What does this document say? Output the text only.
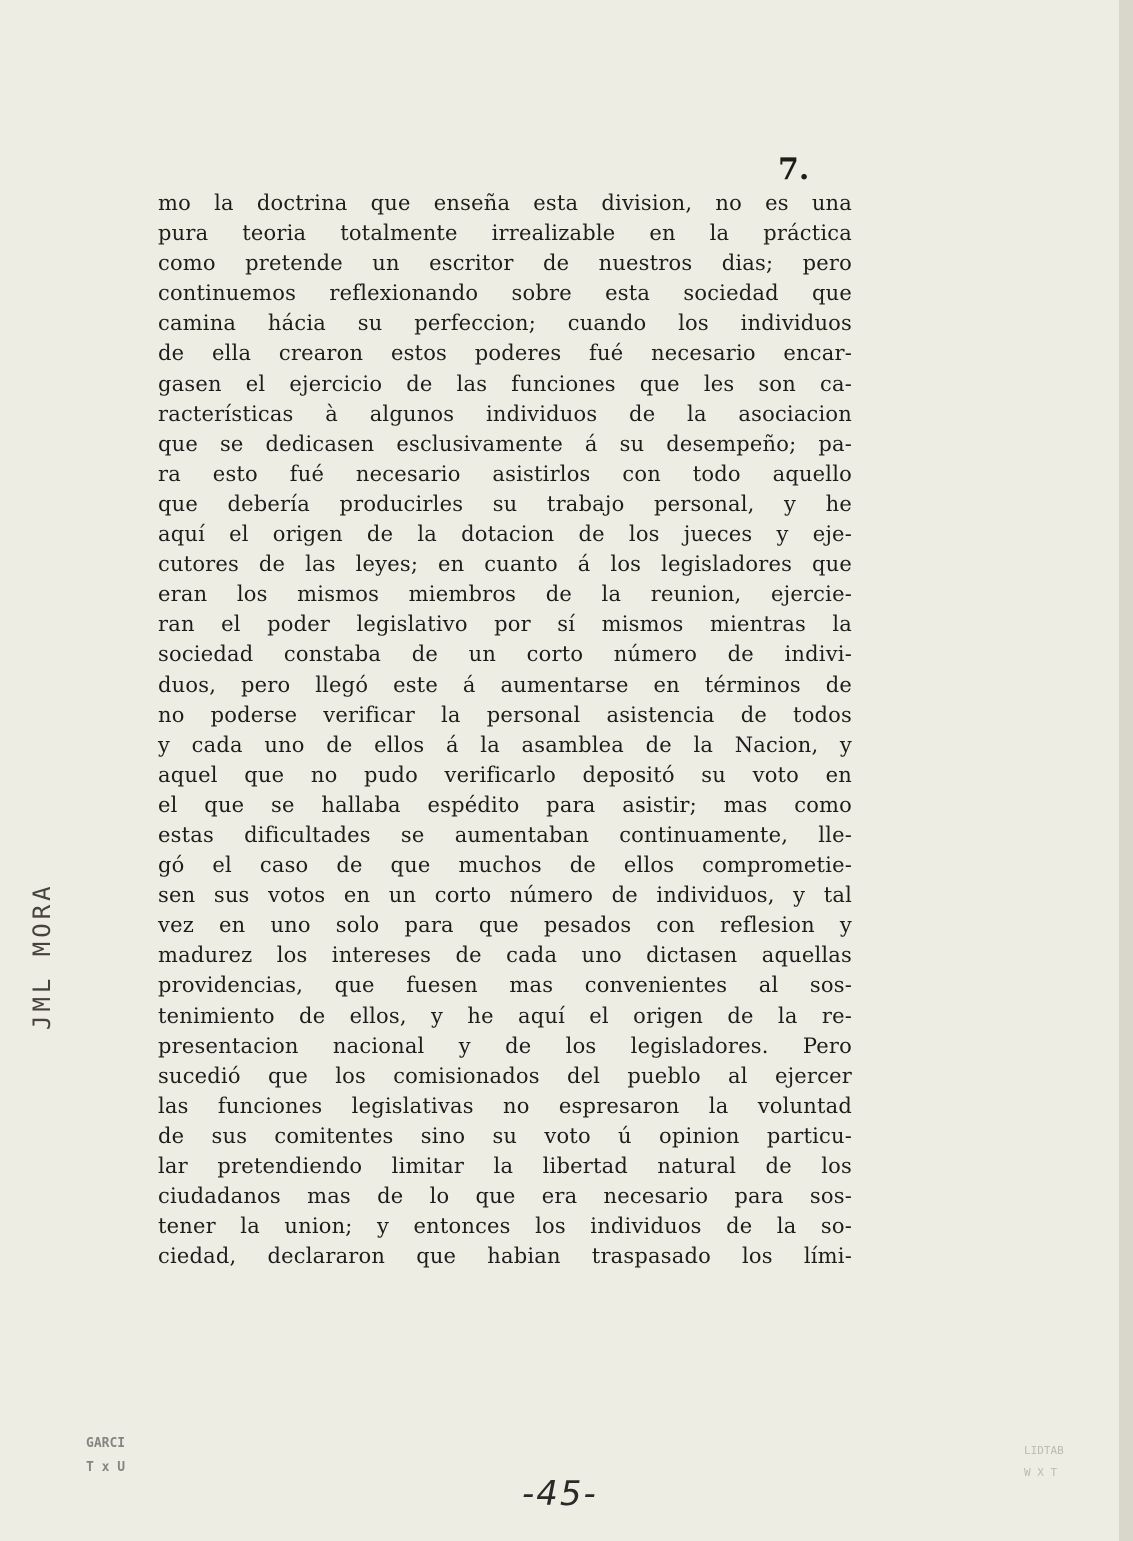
7.
mo la doctrina que enseña esta division, no es una
pura teoria totalmente irrealizable en la práctica
como pretende un escritor de nuestros dias; pero
continuemos reflexionando sobre esta sociedad que
camina hácia su perfeccion; cuando los individuos
de ella crearon estos poderes fué necesario encar-
gasen el ejercicio de las funciones que les son ca-
racterísticas à algunos individuos de la asociacion
que se dedicasen esclusivamente á su desempeño; pa-
ra esto fué necesario asistirlos con todo aquello
que debería producirles su trabajo personal, y he
aquí el origen de la dotacion de los jueces y eje-
cutores de las leyes; en cuanto á los legisladores que
eran los mismos miembros de la reunion, ejercie-
ran el poder legislativo por sí mismos mientras la
sociedad constaba de un corto número de indivi-
duos, pero llegó este á aumentarse en términos de
no poderse verificar la personal asistencia de todos
y cada uno de ellos á la asamblea de la Nacion, y
aquel que no pudo verificarlo depositó su voto en
el que se hallaba espédito para asistir; mas como
estas dificultades se aumentaban continuamente, lle-
gó el caso de que muchos de ellos comprometie-
sen sus votos en un corto número de individuos, y tal
vez en uno solo para que pesados con reflesion y
madurez los intereses de cada uno dictasen aquellas
providencias, que fuesen mas convenientes al sos-
tenimiento de ellos, y he aquí el origen de la re-
presentacion nacional y de los legisladores. Pero
sucedió que los comisionados del pueblo al ejercer
las funciones legislativas no espresaron la voluntad
de sus comitentes sino su voto ú opinion particu-
lar pretendiendo limitar la libertad natural de los
ciudadanos mas de lo que era necesario para sos-
tener la union; y entonces los individuos de la so-
ciedad, declararon que habian traspasado los lími-
JML MORA
GARCI
T x U
LIDTAB
W X T
-45-
